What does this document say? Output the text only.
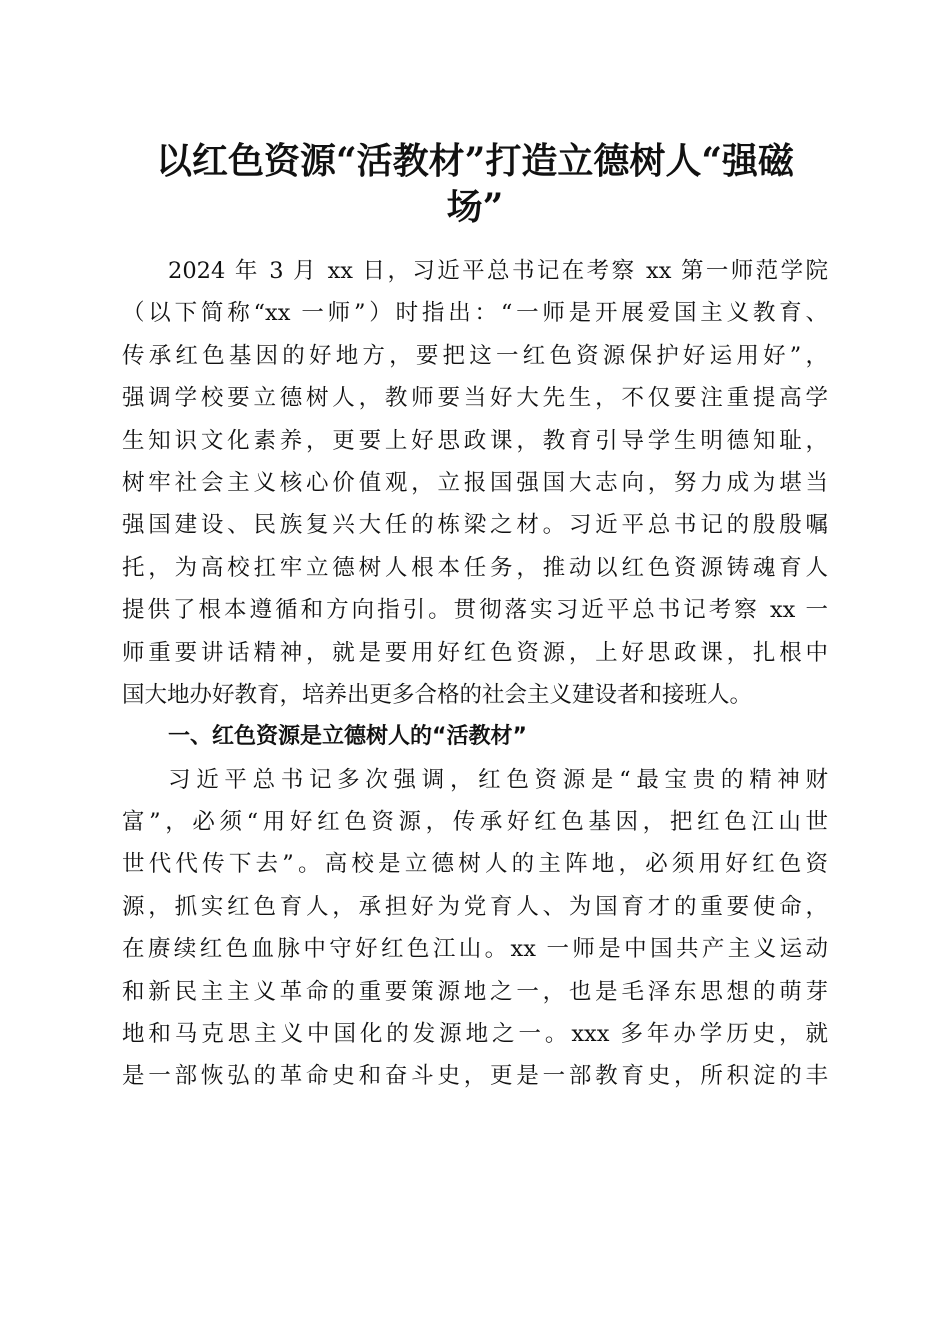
以红色资源“活教材”打造立德树人“强磁
场”
2024 年 3 月 xx 日，习近平总书记在考察 xx 第一师范学院
（以下简称“xx 一师”）时指出：“一师是开展爱国主义教育、
传承红色基因的好地方，要把这一红色资源保护好运用好”，
强调学校要立德树人，教师要当好大先生，不仅要注重提高学
生知识文化素养，更要上好思政课，教育引导学生明德知耻，
树牢社会主义核心价值观，立报国强国大志向，努力成为堪当
强国建设、民族复兴大任的栋梁之材。习近平总书记的殷殷嘱
托，为高校扛牢立德树人根本任务，推动以红色资源铸魂育人
提供了根本遵循和方向指引。贯彻落实习近平总书记考察 xx 一
师重要讲话精神，就是要用好红色资源，上好思政课，扎根中
国大地办好教育，培养出更多合格的社会主义建设者和接班人。
一、红色资源是立德树人的“活教材”
习近平总书记多次强调，红色资源是“最宝贵的精神财
富”，必须“用好红色资源，传承好红色基因，把红色江山世
世代代传下去”。高校是立德树人的主阵地，必须用好红色资
源，抓实红色育人，承担好为党育人、为国育才的重要使命，
在赓续红色血脉中守好红色江山。xx 一师是中国共产主义运动
和新民主主义革命的重要策源地之一，也是毛泽东思想的萌芽
地和马克思主义中国化的发源地之一。xxx 多年办学历史，就
是一部恢弘的革命史和奋斗史，更是一部教育史，所积淀的丰
